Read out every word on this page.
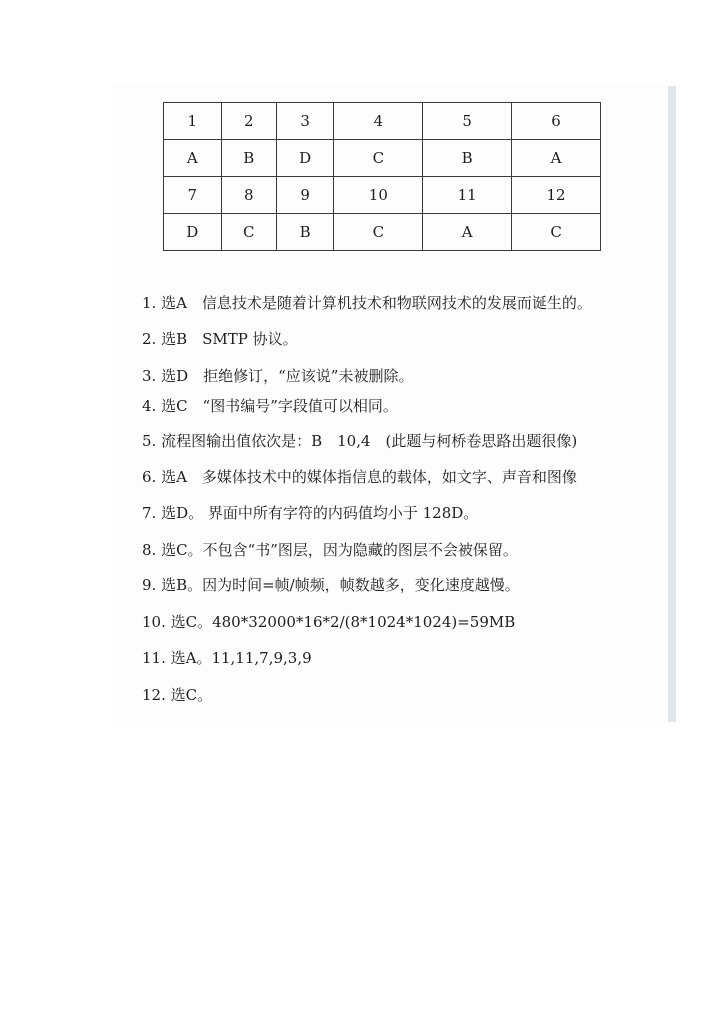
1	2	3	4	5	6
A	B	D	C	B	A
7	8	9	10	11	12
D	C	B	C	A	C
1. 选A　信息技术是随着计算机技术和物联网技术的发展而诞生的。
2. 选B　SMTP 协议。
3. 选D　拒绝修订，“应该说”未被删除。
4. 选C　“图书编号”字段值可以相同。
5. 流程图输出值依次是：B　10,4　(此题与柯桥卷思路出题很像)
6. 选A　多媒体技术中的媒体指信息的载体，如文字、声音和图像
7. 选D。 界面中所有字符的内码值均小于 128D。
8. 选C。不包含“书”图层，因为隐藏的图层不会被保留。
9. 选B。因为时间=帧/帧频，帧数越多，变化速度越慢。
10. 选C。480*32000*16*2/(8*1024*1024)=59MB
11. 选A。11,11,7,9,3,9
12. 选C。
